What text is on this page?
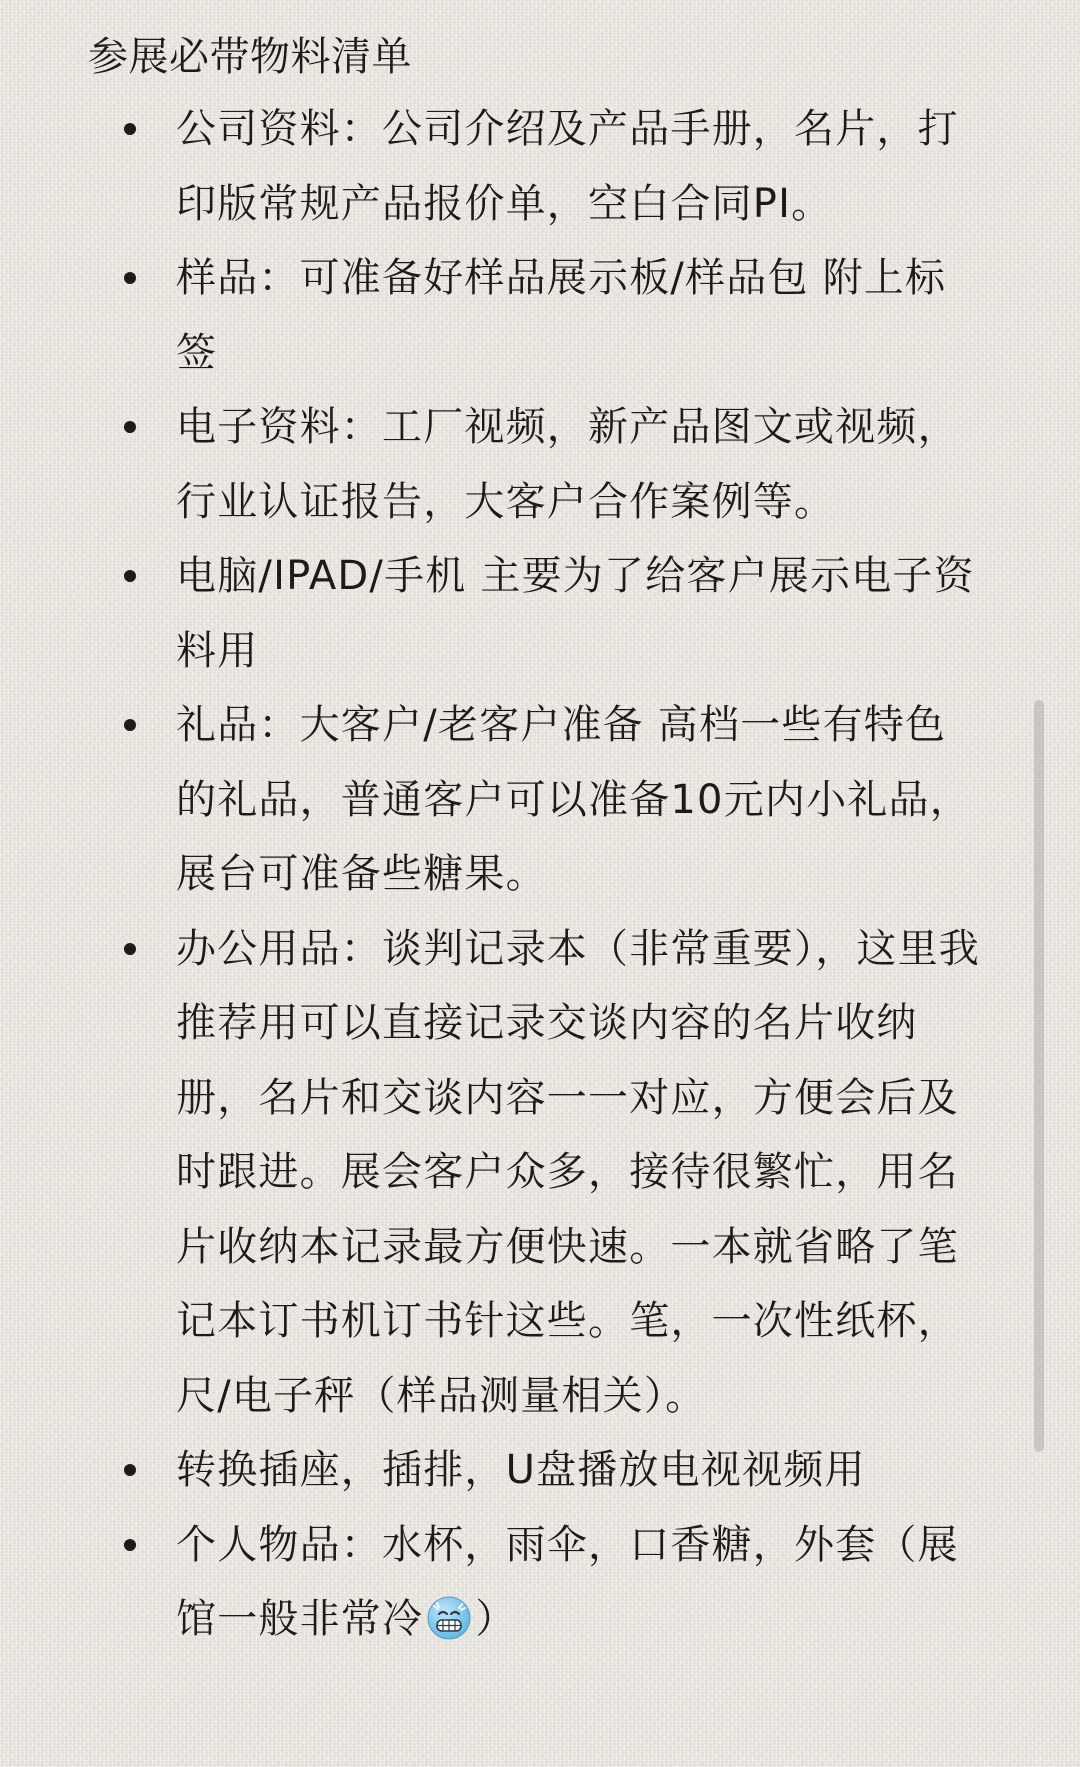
参展必带物料清单
公司资料：公司介绍及产品手册，名片，打印版常规产品报价单，空白合同PI。
样品：可准备好样品展示板/样品包 附上标签
电子资料：工厂视频，新产品图文或视频，行业认证报告，大客户合作案例等。
电脑/IPAD/手机 主要为了给客户展示电子资料用
礼品：大客户/老客户准备 高档一些有特色的礼品，普通客户可以准备10元内小礼品，展台可准备些糖果。
办公用品：谈判记录本（非常重要），这里我推荐用可以直接记录交谈内容的名片收纳册，名片和交谈内容一一对应，方便会后及时跟进。展会客户众多，接待很繁忙，用名片收纳本记录最方便快速。一本就省略了笔记本订书机订书针这些。笔，一次性纸杯，尺/电子秤（样品测量相关）。
转换插座，插排，U盘播放电视视频用
个人物品：水杯，雨伞，口香糖，外套（展馆一般非常冷 ）
